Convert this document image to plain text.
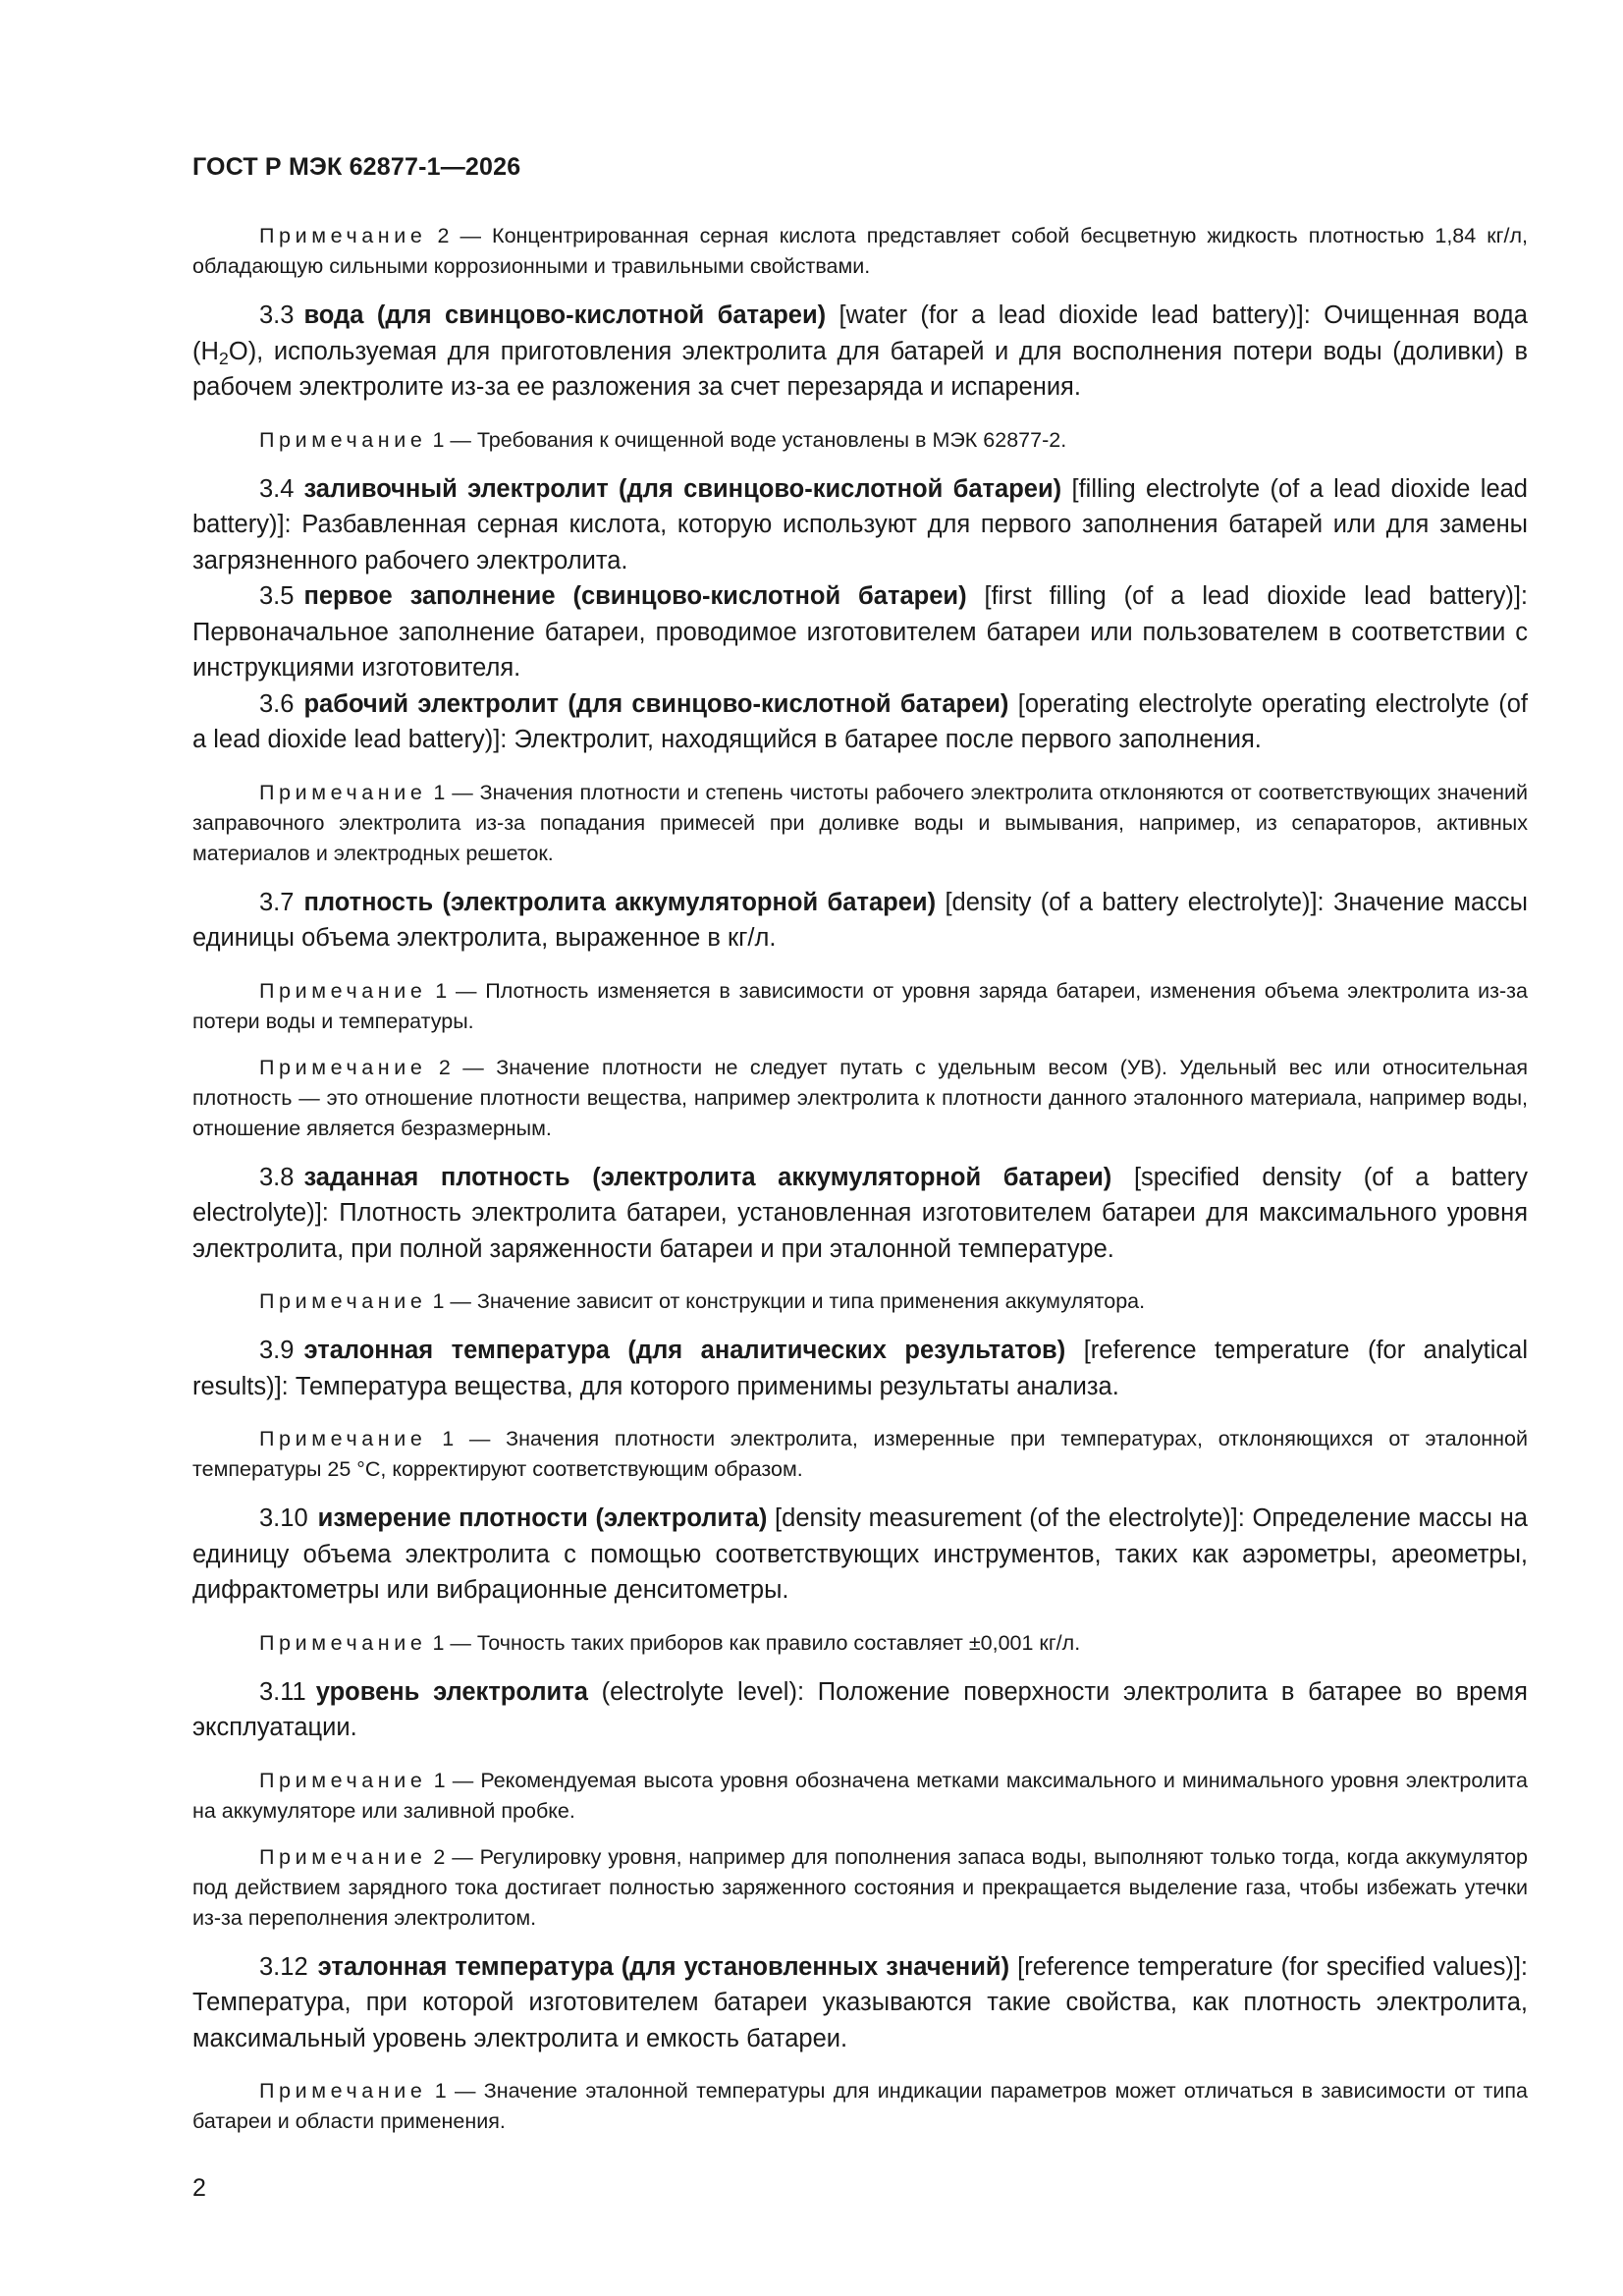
ГОСТ Р МЭК 62877-1—2026

Примечание 2 — Концентрированная серная кислота представляет собой бесцветную жидкость плотностью 1,84 кг/л, обладающую сильными коррозионными и травильными свойствами.

3.3 вода (для свинцово-кислотной батареи) [water (for a lead dioxide lead battery)]: Очищенная вода $(H_2O)$, используемая для приготовления электролита для батарей и для восполнения потери воды (доливки) в рабочем электролите из-за ее разложения за счет перезаряда и испарения.

Примечание 1 — Требования к очищенной воде установлены в МЭК 62877-2.

3.4 заливочный электролит (для свинцово-кислотной батареи) [filling electrolyte (of a lead dioxide lead battery)]: Разбавленная серная кислота, которую используют для первого заполнения батарей или для замены загрязненного рабочего электролита.

3.5 первое заполнение (свинцово-кислотной батареи) [first filling (of a lead dioxide lead battery)]: Первоначальное заполнение батареи, проводимое изготовителем батареи или пользователем в соответствии с инструкциями изготовителя.

3.6 рабочий электролит (для свинцово-кислотной батареи) [operating electrolyte operating electrolyte (of a lead dioxide lead battery)]: Электролит, находящийся в батарее после первого заполнения.

Примечание 1 — Значения плотности и степень чистоты рабочего электролита отклоняются от соответствующих значений заправочного электролита из-за попадания примесей при доливке воды и вымывания, например, из сепараторов, активных материалов и электродных решеток.

3.7 плотность (электролита аккумуляторной батареи) [density (of a battery electrolyte)]: Значение массы единицы объема электролита, выраженное в кг/л.

Примечание 1 — Плотность изменяется в зависимости от уровня заряда батареи, изменения объема электролита из-за потери воды и температуры.

Примечание 2 — Значение плотности не следует путать с удельным весом (УВ). Удельный вес или относительная плотность — это отношение плотности вещества, например электролита к плотности данного эталонного материала, например воды, отношение является безразмерным.

3.8 заданная плотность (электролита аккумуляторной батареи) [specified density (of a battery electrolyte)]: Плотность электролита батареи, установленная изготовителем батареи для максимального уровня электролита, при полной заряженности батареи и при эталонной температуре.

Примечание 1 — Значение зависит от конструкции и типа применения аккумулятора.

3.9 эталонная температура (для аналитических результатов) [reference temperature (for analytical results)]: Температура вещества, для которого применимы результаты анализа.

Примечание 1 — Значения плотности электролита, измеренные при температурах, отклоняющихся от эталонной температуры 25 °C, корректируют соответствующим образом.

3.10 измерение плотности (электролита) [density measurement (of the electrolyte)]: Определение массы на единицу объема электролита с помощью соответствующих инструментов, таких как аэрометры, ареометры, дифрактометры или вибрационные денситометры.

Примечание 1 — Точность таких приборов как правило составляет ±0,001 кг/л.

3.11 уровень электролита (electrolyte level): Положение поверхности электролита в батарее во время эксплуатации.

Примечание 1 — Рекомендуемая высота уровня обозначена метками максимального и минимального уровня электролита на аккумуляторе или заливной пробке.

Примечание 2 — Регулировку уровня, например для пополнения запаса воды, выполняют только тогда, когда аккумулятор под действием зарядного тока достигает полностью заряженного состояния и прекращается выделение газа, чтобы избежать утечки из-за переполнения электролитом.

3.12 эталонная температура (для установленных значений) [reference temperature (for specified values)]: Температура, при которой изготовителем батареи указываются такие свойства, как плотность электролита, максимальный уровень электролита и емкость батареи.

Примечание 1 — Значение эталонной температуры для индикации параметров может отличаться в зависимости от типа батареи и области применения.

2
